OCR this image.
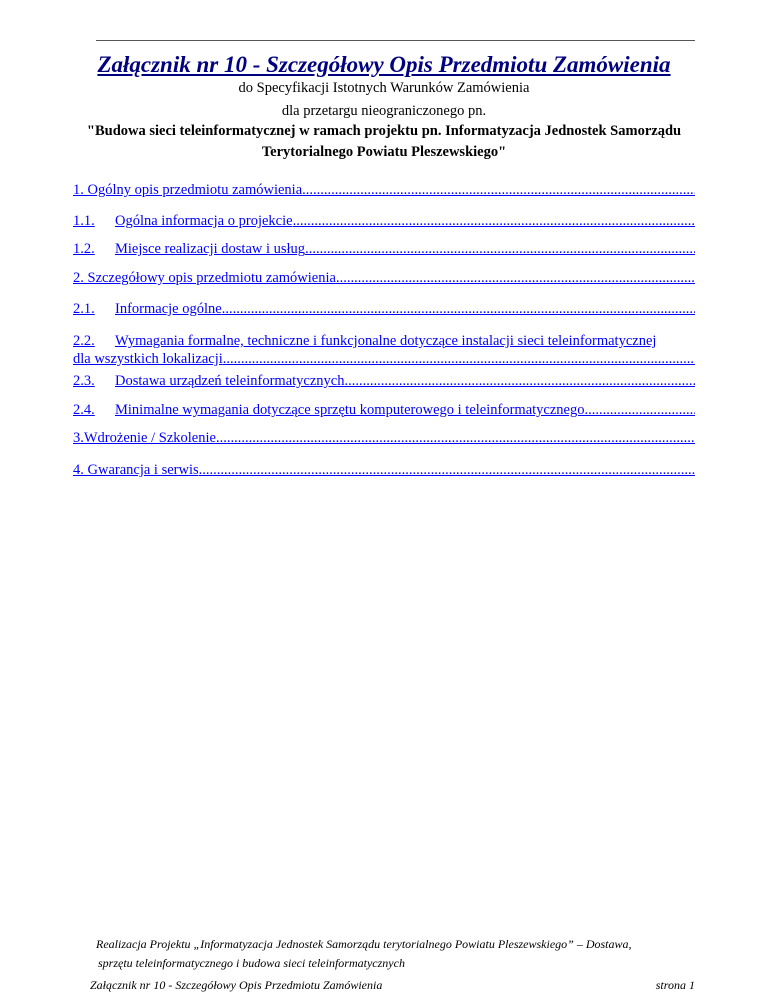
Załącznik nr 10 - Szczegółowy Opis Przedmiotu Zamówienia
do Specyfikacji Istotnych Warunków Zamówienia
dla przetargu nieograniczonego pn.
"Budowa sieci teleinformatycznej w ramach projektu pn. Informatyzacja Jednostek Samorządu
Terytorialnego Powiatu Pleszewskiego"
1. Ogólny opis przedmiotu zamówienia
.....
1.1.	Ogólna informacja o projekcie
.....
1.2.	Miejsce realizacji dostaw i usług
.....
2. Szczegółowy opis przedmiotu zamówienia
.....
2.1.	Informacje ogólne
.....
2.2.	Wymagania formalne, techniczne i funkcjonalne dotyczące instalacji sieci teleinformatycznej
dla wszystkich lokalizacji
.....
2.3.	Dostawa urządzeń teleinformatycznych
.....
2.4.	Minimalne wymagania dotyczące sprzętu komputerowego i teleinformatycznego
.....
3.Wdrożenie / Szkolenie
.....
4. Gwarancja i serwis
.....
Realizacja Projektu „Informatyzacja Jednostek Samorządu terytorialnego Powiatu Pleszewskiego” – Dostawa,
sprzętu teleinformatycznego i budowa sieci teleinformatycznych
Załącznik nr 10 - Szczegółowy Opis Przedmiotu Zamówienia	strona 1
